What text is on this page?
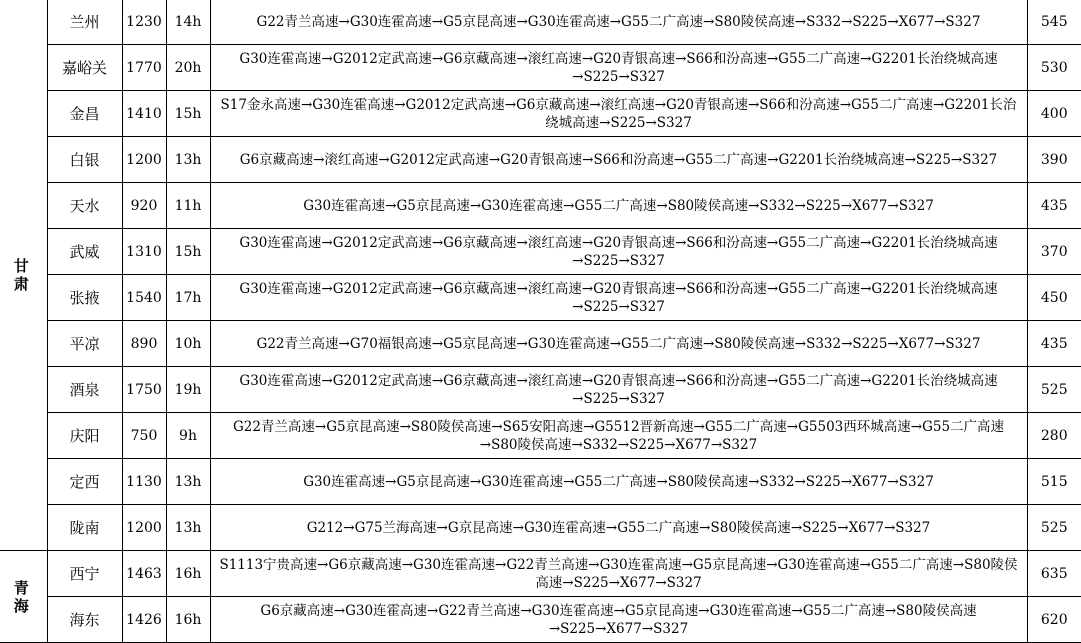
甘 肃	兰州	1230	14h	G22青兰高速→G30连霍高速→G5京昆高速→G30连霍高速→G55二广高速→S80陵侯高速→S332→S225→X677→S327	545
	嘉峪关	1770	20h	G30连霍高速→G2012定武高速→G6京藏高速→滚红高速→G20青银高速→S66和汾高速→G55二广高速→G2201长治绕城高速→S225→S327	530
	金昌	1410	15h	S17金永高速→G30连霍高速→G2012定武高速→G6京藏高速→滚红高速→G20青银高速→S66和汾高速→G55二广高速→G2201长治绕城高速→S225→S327	400
	白银	1200	13h	G6京藏高速→滚红高速→G2012定武高速→G20青银高速→S66和汾高速→G55二广高速→G2201长治绕城高速→S225→S327	390
	天水	920	11h	G30连霍高速→G5京昆高速→G30连霍高速→G55二广高速→S80陵侯高速→S332→S225→X677→S327	435
	武威	1310	15h	G30连霍高速→G2012定武高速→G6京藏高速→滚红高速→G20青银高速→S66和汾高速→G55二广高速→G2201长治绕城高速→S225→S327	370
	张掖	1540	17h	G30连霍高速→G2012定武高速→G6京藏高速→滚红高速→G20青银高速→S66和汾高速→G55二广高速→G2201长治绕城高速→S225→S327	450
	平凉	890	10h	G22青兰高速→G70福银高速→G5京昆高速→G30连霍高速→G55二广高速→S80陵侯高速→S332→S225→X677→S327	435
	酒泉	1750	19h	G30连霍高速→G2012定武高速→G6京藏高速→滚红高速→G20青银高速→S66和汾高速→G55二广高速→G2201长治绕城高速→S225→S327	525
	庆阳	750	9h	G22青兰高速→G5京昆高速→S80陵侯高速→S65安阳高速→G5512晋新高速→G55二广高速→G5503西环城高速→G55二广高速→S80陵侯高速→S332→S225→X677→S327	280
	定西	1130	13h	G30连霍高速→G5京昆高速→G30连霍高速→G55二广高速→S80陵侯高速→S332→S225→X677→S327	515
	陇南	1200	13h	G212→G75兰海高速→G京昆高速→G30连霍高速→G55二广高速→S80陵侯高速→S225→X677→S327	525
青 海	西宁	1463	16h	S1113宁贵高速→G6京藏高速→G30连霍高速→G22青兰高速→G30连霍高速→G5京昆高速→G30连霍高速→G55二广高速→S80陵侯高速→S225→X677→S327	635
	海东	1426	16h	G6京藏高速→G30连霍高速→G22青兰高速→G30连霍高速→G5京昆高速→G30连霍高速→G55二广高速→S80陵侯高速→S225→X677→S327	620
